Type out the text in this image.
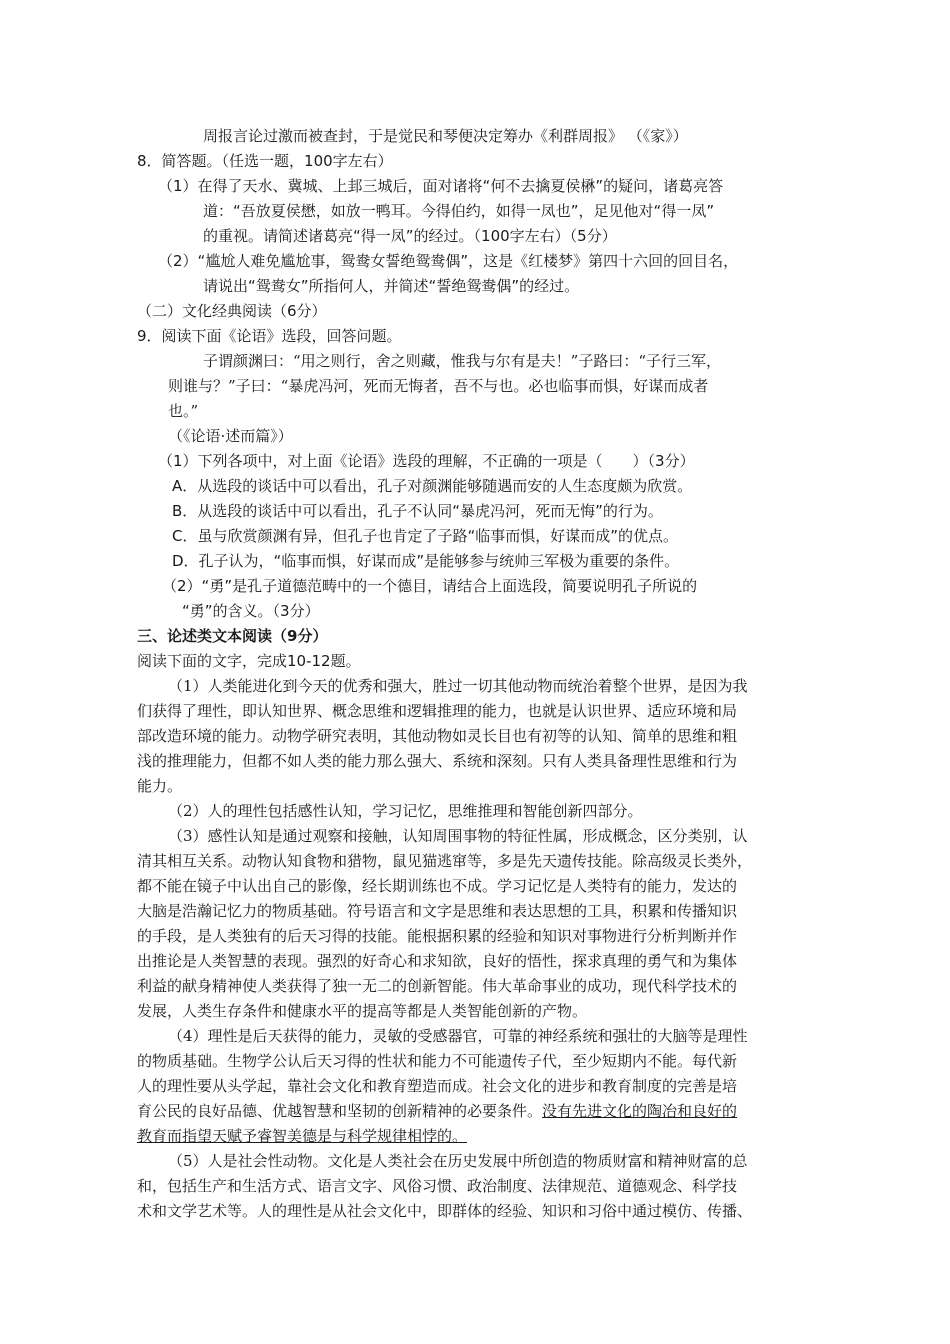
周报言论过激而被查封，于是觉民和琴便决定筹办《利群周报》 （《家》）
8．简答题。（任选一题，100字左右）
（1）在得了天水、冀城、上邽三城后，面对诸将“何不去擒夏侯楙”的疑问，诸葛亮答
道：“吾放夏侯懋，如放一鸭耳。今得伯约，如得一凤也”，足见他对“得一凤”
的重视。请简述诸葛亮“得一凤”的经过。（100字左右）（5分）
（2）“尴尬人难免尴尬事，鸳鸯女誓绝鸳鸯偶”，这是《红楼梦》第四十六回的回目名，
请说出“鸳鸯女”所指何人，并简述“誓绝鸳鸯偶”的经过。
（二）文化经典阅读（6分）
9．阅读下面《论语》选段，回答问题。
子谓颜渊曰：“用之则行，舍之则藏，惟我与尔有是夫！”子路曰：“子行三军，
则谁与？”子曰：“暴虎冯河，死而无悔者，吾不与也。必也临事而惧，好谋而成者
也。”
（《论语·述而篇》）
（1）下列各项中，对上面《论语》选段的理解，不正确的一项是（　　）（3分）
A．从选段的谈话中可以看出，孔子对颜渊能够随遇而安的人生态度颇为欣赏。
B．从选段的谈话中可以看出，孔子不认同“暴虎冯河，死而无悔”的行为。
C．虽与欣赏颜渊有异，但孔子也肯定了子路“临事而惧，好谋而成”的优点。
D．孔子认为，“临事而惧，好谋而成”是能够参与统帅三军极为重要的条件。
（2）“勇”是孔子道德范畴中的一个德目，请结合上面选段，简要说明孔子所说的
“勇”的含义。（3分）
三、论述类文本阅读（9分）
阅读下面的文字，完成10-12题。
（1）人类能进化到今天的优秀和强大，胜过一切其他动物而统治着整个世界，是因为我
们获得了理性，即认知世界、概念思维和逻辑推理的能力，也就是认识世界、适应环境和局
部改造环境的能力。动物学研究表明，其他动物如灵长目也有初等的认知、简单的思维和粗
浅的推理能力，但都不如人类的能力那么强大、系统和深刻。只有人类具备理性思维和行为
能力。
（2）人的理性包括感性认知，学习记忆，思维推理和智能创新四部分。
（3）感性认知是通过观察和接触，认知周围事物的特征性属，形成概念，区分类别，认
清其相互关系。动物认知食物和猎物，鼠见猫逃窜等，多是先天遗传技能。除高级灵长类外，
都不能在镜子中认出自己的影像，经长期训练也不成。学习记忆是人类特有的能力，发达的
大脑是浩瀚记忆力的物质基础。符号语言和文字是思维和表达思想的工具，积累和传播知识
的手段，是人类独有的后天习得的技能。能根据积累的经验和知识对事物进行分析判断并作
出推论是人类智慧的表现。强烈的好奇心和求知欲，良好的悟性，探求真理的勇气和为集体
利益的献身精神使人类获得了独一无二的创新智能。伟大革命事业的成功，现代科学技术的
发展，人类生存条件和健康水平的提高等都是人类智能创新的产物。
（4）理性是后天获得的能力，灵敏的受感器官，可靠的神经系统和强壮的大脑等是理性
的物质基础。生物学公认后天习得的性状和能力不可能遗传子代，至少短期内不能。每代新
人的理性要从头学起，靠社会文化和教育塑造而成。社会文化的进步和教育制度的完善是培
育公民的良好品德、优越智慧和坚韧的创新精神的必要条件。没有先进文化的陶冶和良好的
教育而指望天赋予睿智美德是与科学规律相悖的。
（5）人是社会性动物。文化是人类社会在历史发展中所创造的物质财富和精神财富的总
和，包括生产和生活方式、语言文字、风俗习惯、政治制度、法律规范、道德观念、科学技
术和文学艺术等。人的理性是从社会文化中，即群体的经验、知识和习俗中通过模仿、传播、
